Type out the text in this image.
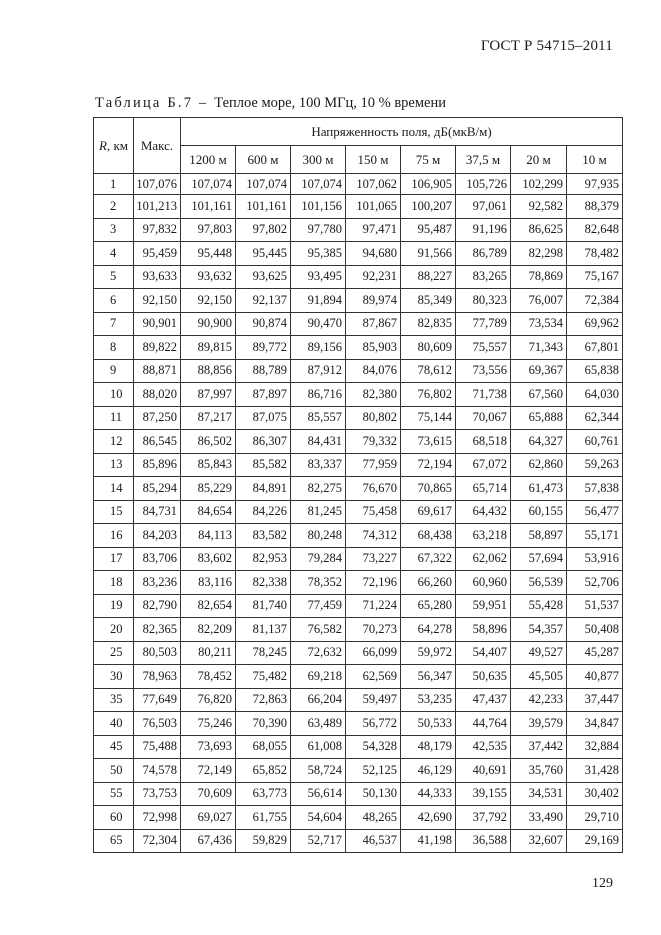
ГОСТ Р 54715–2011
Таблица Б.7 – Теплое море, 100 МГц, 10 % времени
R, км	Макс.	Напряженность поля, дБ(мкВ/м)							
		1200 м	600 м	300 м	150 м	75 м	37,5 м	20 м	10 м
1	107,076	107,074	107,074	107,074	107,062	106,905	105,726	102,299	97,935
2	101,213	101,161	101,161	101,156	101,065	100,207	97,061	92,582	88,379
3	97,832	97,803	97,802	97,780	97,471	95,487	91,196	86,625	82,648
4	95,459	95,448	95,445	95,385	94,680	91,566	86,789	82,298	78,482
5	93,633	93,632	93,625	93,495	92,231	88,227	83,265	78,869	75,167
6	92,150	92,150	92,137	91,894	89,974	85,349	80,323	76,007	72,384
7	90,901	90,900	90,874	90,470	87,867	82,835	77,789	73,534	69,962
8	89,822	89,815	89,772	89,156	85,903	80,609	75,557	71,343	67,801
9	88,871	88,856	88,789	87,912	84,076	78,612	73,556	69,367	65,838
10	88,020	87,997	87,897	86,716	82,380	76,802	71,738	67,560	64,030
11	87,250	87,217	87,075	85,557	80,802	75,144	70,067	65,888	62,344
12	86,545	86,502	86,307	84,431	79,332	73,615	68,518	64,327	60,761
13	85,896	85,843	85,582	83,337	77,959	72,194	67,072	62,860	59,263
14	85,294	85,229	84,891	82,275	76,670	70,865	65,714	61,473	57,838
15	84,731	84,654	84,226	81,245	75,458	69,617	64,432	60,155	56,477
16	84,203	84,113	83,582	80,248	74,312	68,438	63,218	58,897	55,171
17	83,706	83,602	82,953	79,284	73,227	67,322	62,062	57,694	53,916
18	83,236	83,116	82,338	78,352	72,196	66,260	60,960	56,539	52,706
19	82,790	82,654	81,740	77,459	71,224	65,280	59,951	55,428	51,537
20	82,365	82,209	81,137	76,582	70,273	64,278	58,896	54,357	50,408
25	80,503	80,211	78,245	72,632	66,099	59,972	54,407	49,527	45,287
30	78,963	78,452	75,482	69,218	62,569	56,347	50,635	45,505	40,877
35	77,649	76,820	72,863	66,204	59,497	53,235	47,437	42,233	37,447
40	76,503	75,246	70,390	63,489	56,772	50,533	44,764	39,579	34,847
45	75,488	73,693	68,055	61,008	54,328	48,179	42,535	37,442	32,884
50	74,578	72,149	65,852	58,724	52,125	46,129	40,691	35,760	31,428
55	73,753	70,609	63,773	56,614	50,130	44,333	39,155	34,531	30,402
60	72,998	69,027	61,755	54,604	48,265	42,690	37,792	33,490	29,710
65	72,304	67,436	59,829	52,717	46,537	41,198	36,588	32,607	29,169
129
